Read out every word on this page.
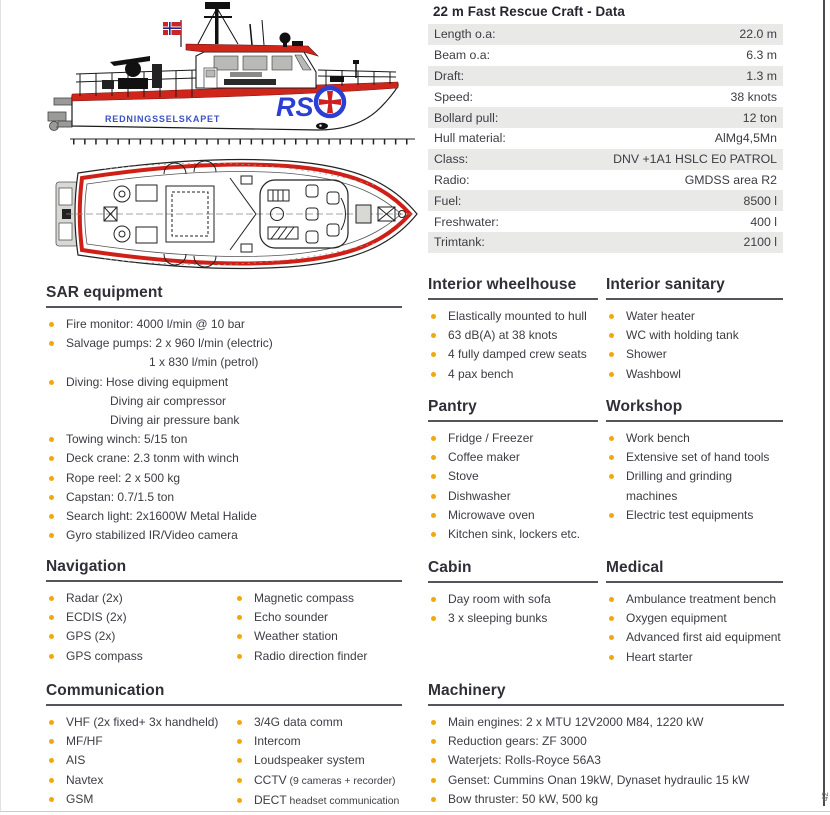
REDNINGSSELSKAPET RS
22 m Fast Rescue Craft - Data
Length o.a:	22.0 m
Beam o.a:	6.3 m
Draft:	1.3 m
Speed:	38 knots
Bollard pull:	12 ton
Hull material:	AlMg4,5Mn
Class:	DNV +1A1 HSLC E0 PATROL
Radio:	GMDSS area R2
Fuel:	8500 l
Freshwater:	400 l
Trimtank:	2100 l
SAR equipment
Fire monitor: 4000 l/min @ 10 bar
Salvage pumps: 2 x 960 l/min (electric)
1 x 830 l/min (petrol)
Diving: Hose diving equipment
Diving air compressor
Diving air pressure bank
Towing winch: 5/15 ton
Deck crane: 2.3 tonm with winch
Rope reel: 2 x 500 kg
Capstan: 0.7/1.5 ton
Search light: 2x1600W Metal Halide
Gyro stabilized IR/Video camera
Navigation
Radar (2x)
ECDIS (2x)
GPS (2x)
GPS compass
Magnetic compass
Echo sounder
Weather station
Radio direction finder
Communication
VHF (2x fixed+ 3x handheld)
MF/HF
AIS
Navtex
GSM
3/4G data comm
Intercom
Loudspeaker system
CCTV (9 cameras + recorder)
DECT headset communication
Interior wheelhouse
Elastically mounted to hull
63 dB(A) at 38 knots
4 fully damped crew seats
4 pax bench
Interior sanitary
Water heater
WC with holding tank
Shower
Washbowl
Pantry
Fridge / Freezer
Coffee maker
Stove
Dishwasher
Microwave oven
Kitchen sink, lockers etc.
Workshop
Work bench
Extensive set of hand tools
Drilling and grinding machines
Electric test equipments
Cabin
Day room with sofa
3 x sleeping bunks
Medical
Ambulance treatment bench
Oxygen equipment
Advanced first aid equipment
Heart starter
Machinery
Main engines: 2 x MTU 12V2000 M84, 1220 kW
Reduction gears: ZF 3000
Waterjets: Rolls-Royce 56A3
Genset: Cummins Onan 19kW, Dynaset hydraulic 15 kW
Bow thruster: 50 kW, 500 kg	42
